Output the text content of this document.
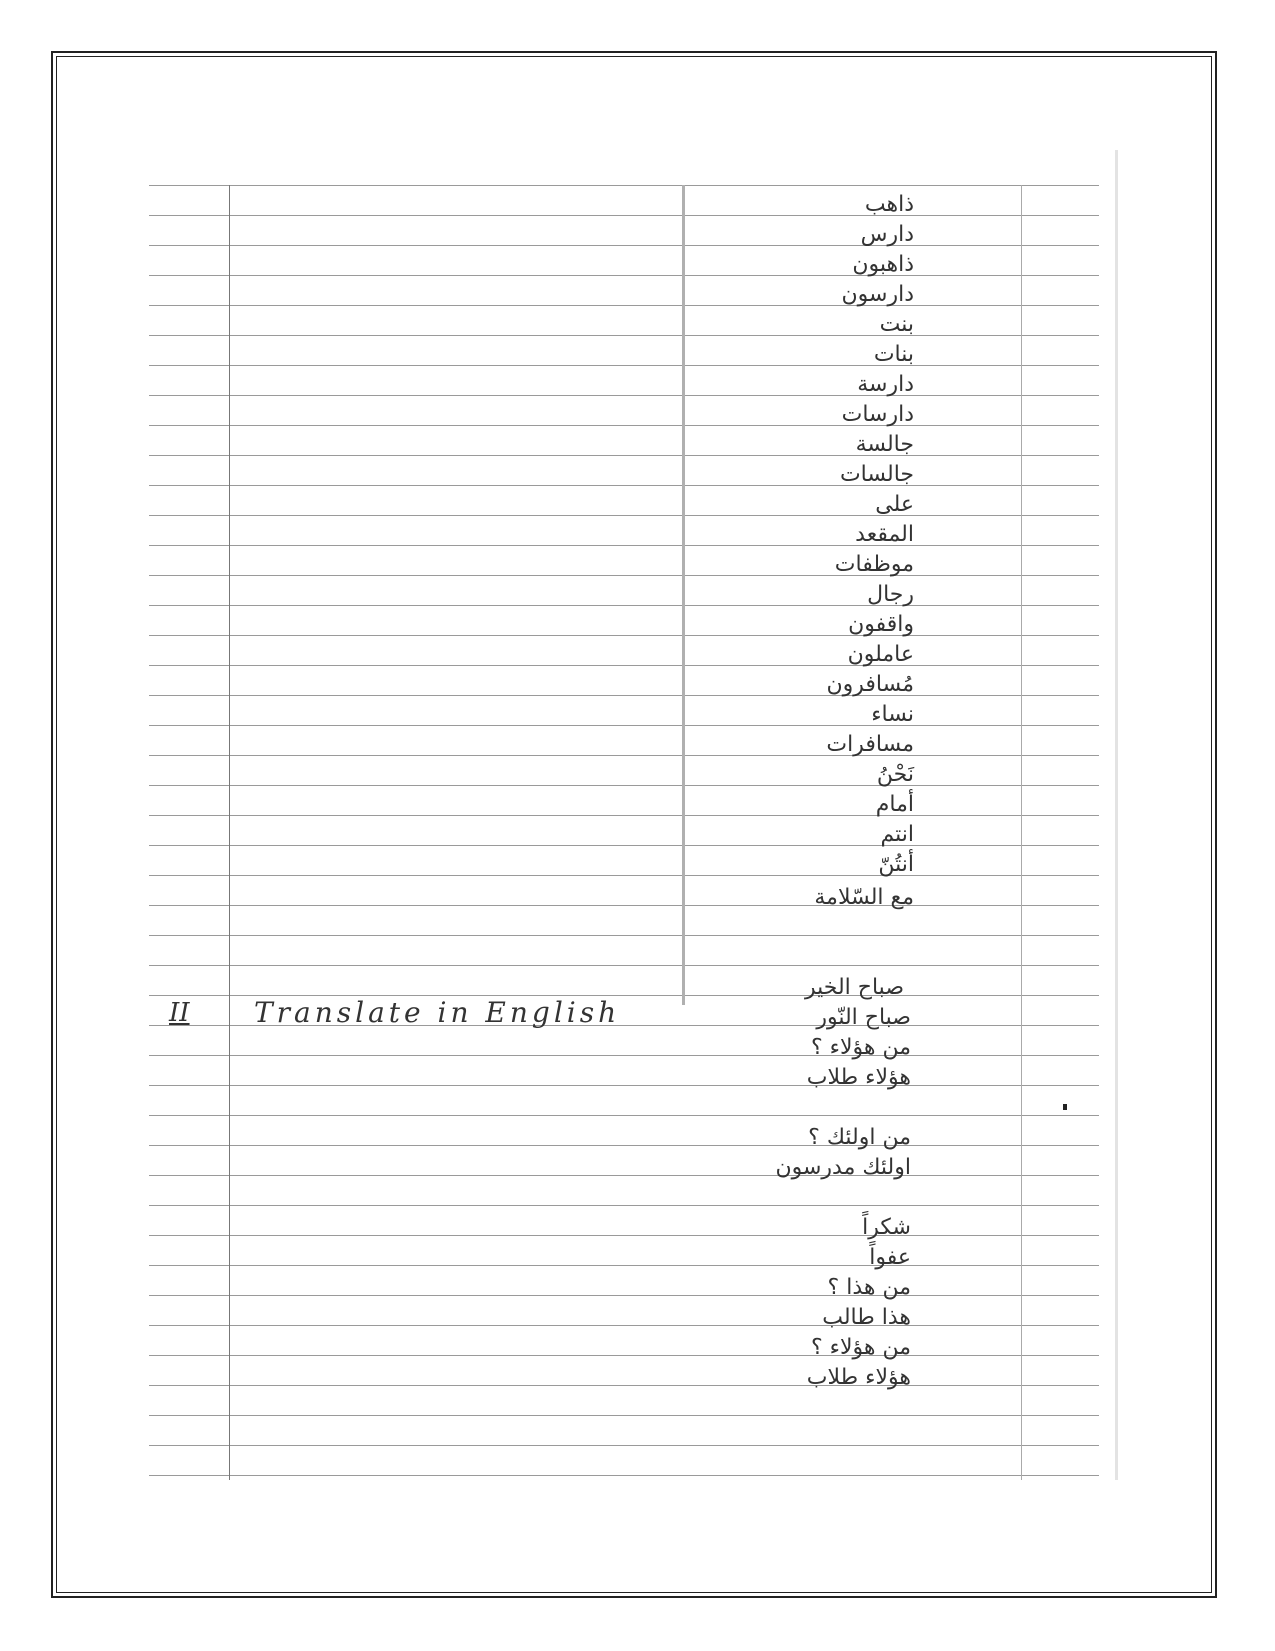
ذاهب
دارس
ذاهبون
دارسون
بنت
بنات
دارسة
دارسات
جالسة
جالسات
على
المقعد
موظفات
رجال
واقفون
عاملون
مُسافرون
نساء
مسافرات
نَحْنُ
أمام
انتم
أنتُنّ
مع السّلامة
II Translate in English
صباح الخير
صباح النّور
من هؤلاء ؟
هؤلاء طلاب
من اولئك ؟
اولئك مدرسون
شكراً
عفواً
من هذا ؟
هذا طالب
من هؤلاء ؟
هؤلاء طلاب
